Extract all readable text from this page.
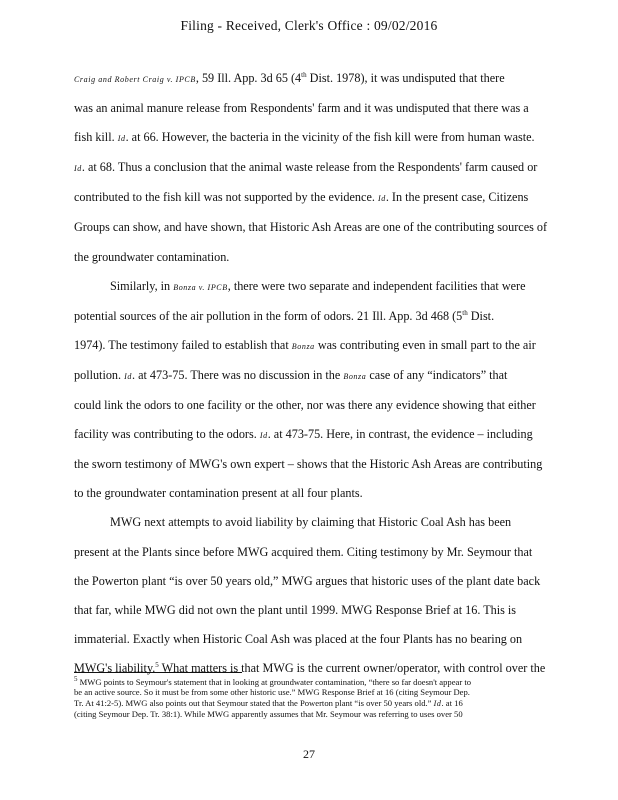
Filing - Received, Clerk's Office : 09/02/2016

Craig and Robert Craig v. IPCB, 59 Ill. App. 3d 65 (4th Dist. 1978), it was undisputed that there

was an animal manure release from Respondents' farm and it was undisputed that there was a

fish kill. Id. at 66. However, the bacteria in the vicinity of the fish kill were from human waste.

Id. at 68. Thus a conclusion that the animal waste release from the Respondents' farm caused or

contributed to the fish kill was not supported by the evidence. Id. In the present case, Citizens

Groups can show, and have shown, that Historic Ash Areas are one of the contributing sources of

the groundwater contamination.

Similarly, in Bonza v. IPCB, there were two separate and independent facilities that were

potential sources of the air pollution in the form of odors. 21 Ill. App. 3d 468 (5th Dist.

1974). The testimony failed to establish that Bonza was contributing even in small part to the air

pollution. Id. at 473-75. There was no discussion in the Bonza case of any “indicators” that

could link the odors to one facility or the other, nor was there any evidence showing that either

facility was contributing to the odors. Id. at 473-75. Here, in contrast, the evidence – including

the sworn testimony of MWG's own expert – shows that the Historic Ash Areas are contributing

to the groundwater contamination present at all four plants.

MWG next attempts to avoid liability by claiming that Historic Coal Ash has been

present at the Plants since before MWG acquired them. Citing testimony by Mr. Seymour that

the Powerton plant “is over 50 years old,” MWG argues that historic uses of the plant date back

that far, while MWG did not own the plant until 1999. MWG Response Brief at 16. This is

immaterial. Exactly when Historic Coal Ash was placed at the four Plants has no bearing on

MWG's liability.$^5$ What matters is that MWG is the current owner/operator, with control over the

$^5$ MWG points to Seymour's statement that in looking at groundwater contamination, “there so far doesn't appear to

be an active source. So it must be from some other historic use.” MWG Response Brief at 16 (citing Seymour Dep.

Tr. At 41:2-5). MWG also points out that Seymour stated that the Powerton plant “is over 50 years old.” Id. at 16

(citing Seymour Dep. Tr. 38:1). While MWG apparently assumes that Mr. Seymour was referring to uses over 50

27
